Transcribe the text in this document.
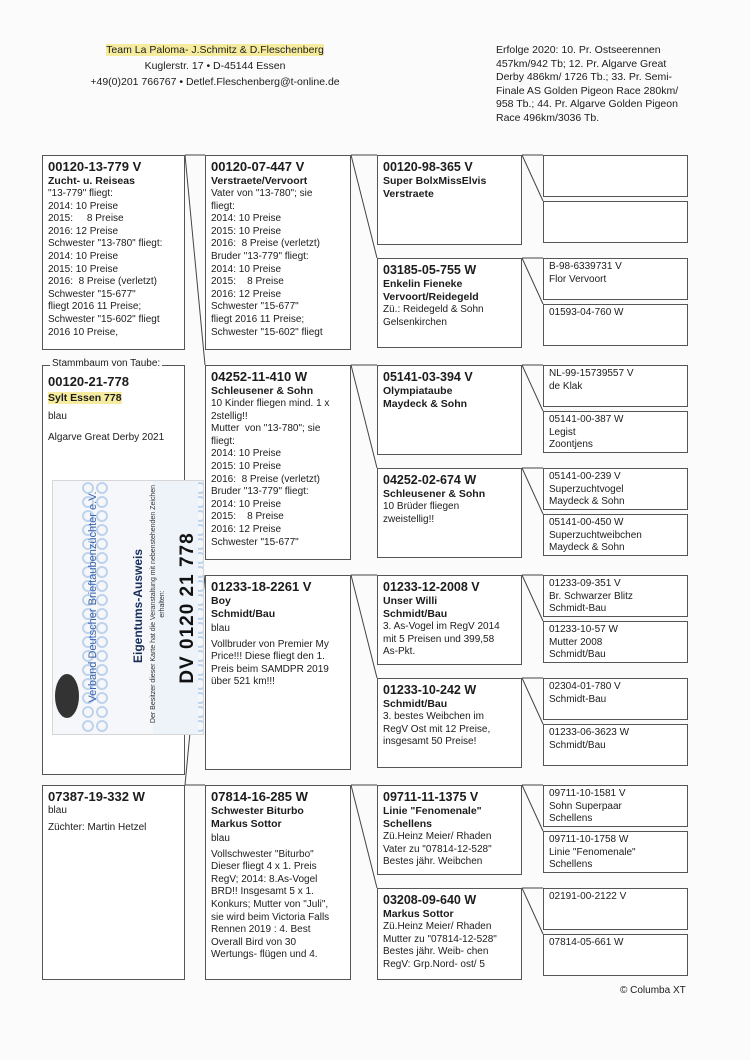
Team La Paloma- J.Schmitz & D.Fleschenberg
Kuglerstr. 17 • D-45144 Essen
+49(0)201 766767 • Detlef.Fleschenberg@t-online.de
Erfolge 2020: 10. Pr. Ostseerennen
457km/942 Tb; 12. Pr. Algarve Great
Derby 486km/ 1726 Tb.; 33. Pr. Semi-
Finale AS Golden Pigeon Race 280km/
958 Tb.; 44. Pr. Algarve Golden Pigeon
Race 496km/3036 Tb.
00120-13-779 V
Zucht- u. Reiseas
"13-779" fliegt:
2014: 10 Preise
2015:     8 Preise
2016: 12 Preise
Schwester "13-780" fliegt:
2014: 10 Preise
2015: 10 Preise
2016:  8 Preise (verletzt)
Schwester "15-677"
fliegt 2016 11 Preise;
Schwester "15-602" fliegt
2016 10 Preise,
00120-21-778
Sylt Essen 778
blau
Algarve Great Derby 2021
Stammbaum von Taube:
07387-19-332 W
blau
Züchter: Martin Hetzel
00120-07-447 V
Verstraete/Vervoort
Vater von "13-780"; sie
fliegt:
2014: 10 Preise
2015: 10 Preise
2016:  8 Preise (verletzt)
Bruder "13-779" fliegt:
2014: 10 Preise
2015:    8 Preise
2016: 12 Preise
Schwester "15-677"
fliegt 2016 11 Preise;
Schwester "15-602" fliegt
04252-11-410 W
Schleusener & Sohn
10 Kinder fliegen mind. 1 x
2stellig!!
Mutter  von "13-780"; sie
fliegt:
2014: 10 Preise
2015: 10 Preise
2016:  8 Preise (verletzt)
Bruder "13-779" fliegt:
2014: 10 Preise
2015:    8 Preise
2016: 12 Preise
Schwester "15-677"
01233-18-2261 V
Boy
Schmidt/Bau
blau
Vollbruder von Premier My
Price!!! Diese fliegt den 1.
Preis beim SAMDPR 2019
über 521 km!!!
07814-16-285 W
Schwester Biturbo
Markus Sottor
blau
Vollschwester "Biturbo"
Dieser fliegt 4 x 1. Preis
RegV; 2014: 8.As-Vogel
BRD!! Insgesamt 5 x 1.
Konkurs; Mutter von "Juli",
sie wird beim Victoria Falls
Rennen 2019 : 4. Best
Overall Bird von 30
Wertungs- flügen und 4.
00120-98-365 V
Super BolxMissElvis
Verstraete
03185-05-755 W
Enkelin Fieneke
Vervoort/Reidegeld
Zü.: Reidegeld & Sohn
Gelsenkirchen
05141-03-394 V
Olympiataube
Maydeck & Sohn
04252-02-674 W
Schleusener & Sohn
10 Brüder fliegen
zweistellig!!
01233-12-2008 V
Unser Willi
Schmidt/Bau
3. As-Vogel im RegV 2014
mit 5 Preisen und 399,58
As-Pkt.
01233-10-242 W
Schmidt/Bau
3. bestes Weibchen im
RegV Ost mit 12 Preise,
insgesamt 50 Preise!
09711-11-1375 V
Linie "Fenomenale"
Schellens
Zü.Heinz Meier/ Rhaden
Vater zu "07814-12-528"
Bestes jähr. Weibchen
03208-09-640 W
Markus Sottor
Zü.Heinz Meier/ Rhaden
Mutter zu "07814-12-528"
Bestes jähr. Weib- chen
RegV: Grp.Nord- ost/ 5
B-98-6339731 V
Flor Vervoort
01593-04-760 W
NL-99-15739557 V
de Klak
05141-00-387 W
Legist
Zoontjens
05141-00-239 V
Superzuchtvogel
Maydeck & Sohn
05141-00-450 W
Superzuchtweibchen
Maydeck & Sohn
01233-09-351 V
Br. Schwarzer Blitz
Schmidt-Bau
01233-10-57 W
Mutter 2008
Schmidt/Bau
02304-01-780 V
Schmidt-Bau
01233-06-3623 W
Schmidt/Bau
09711-10-1581 V
Sohn Superpaar
Schellens
09711-10-1758 W
Linie "Fenomenale"
Schellens
02191-00-2122 V
07814-05-661 W
Verband Deutscher Brieftaubenzüchter e.V.	Eigentums-Ausweis Der Besitzer dieser Karte hat die Veranstaltung mit nebenstehenden Zeichen erhalten: DV 0120 21 778
© Columba XT
